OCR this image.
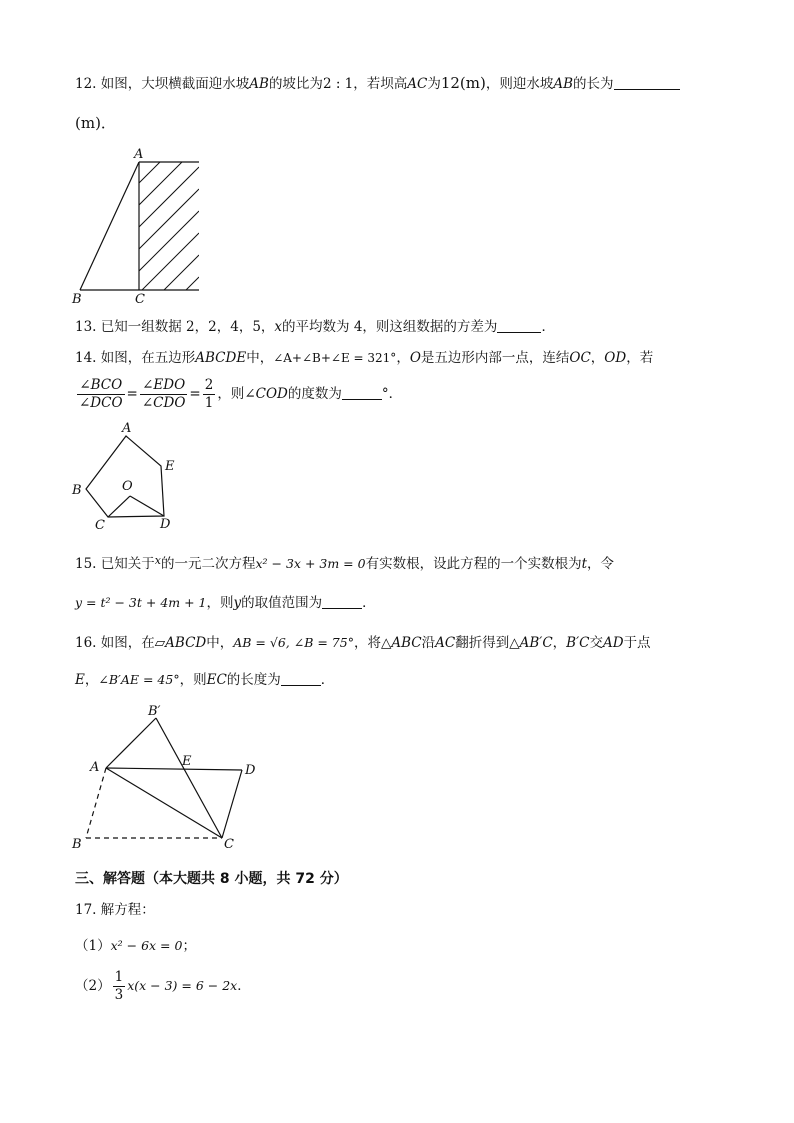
12. 如图，大坝横截面迎水坡AB的坡比为2 : 1，若坝高AC为12(m)，则迎水坡AB的长为
(m)．
A
B	C
13. 已知一组数据 2，2，4，5，x的平均数为 4，则这组数据的方差为	．
14. 如图，在五边形ABCDE中，∠A+∠B+∠E = 321°，O是五边形内部一点，连结OC，OD，若
$\frac{\text{∠BCO}}{\text{∠DCO}} = \frac{\text{∠EDO}}{\text{∠CDO}} = \frac{2}{1}$ ，则∠COD的度数为	°．
A
B
C	D
E
O
15. 已知关于$^x$的一元二次方程x² − 3x + 3m = 0有实数根，设此方程的一个实数根为t，令
y = t² − 3t + 4m + 1，则y的取值范围为	．
16. 如图，在▱ABCD中，AB = √6, ∠B = 75°，将△ABC沿AC翻折得到△AB′C，B′C交AD于点
E，∠B′AE = 45°，则EC的长度为	．
B′
A	E
D
B	C
三、解答题（本大题共 8 小题，共 72 分）
17. 解方程：
（1）x² − 6x = 0；
$(2) \frac{1}{3} x(x - 3) = 6 - 2x$．
